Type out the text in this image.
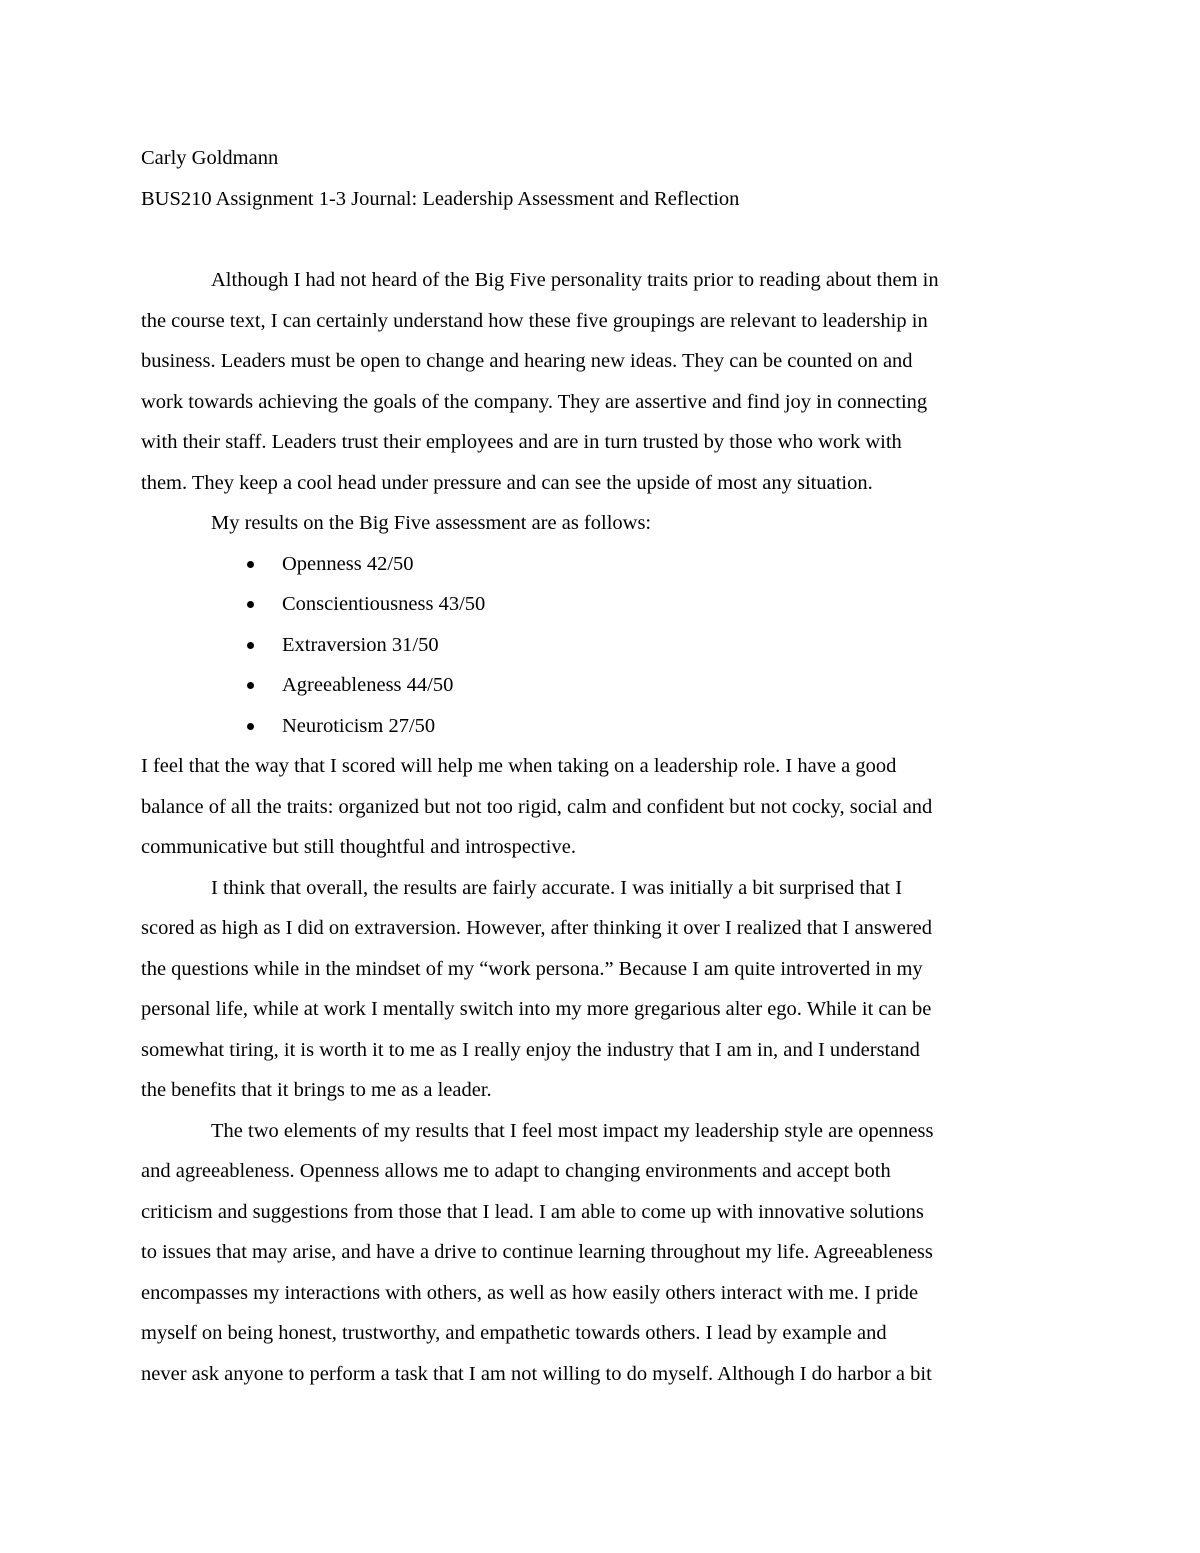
Carly Goldmann
BUS210 Assignment 1-3 Journal: Leadership Assessment and Reflection
Although I had not heard of the Big Five personality traits prior to reading about them in
the course text, I can certainly understand how these five groupings are relevant to leadership in
business. Leaders must be open to change and hearing new ideas. They can be counted on and
work towards achieving the goals of the company. They are assertive and find joy in connecting
with their staff. Leaders trust their employees and are in turn trusted by those who work with
them. They keep a cool head under pressure and can see the upside of most any situation.
My results on the Big Five assessment are as follows:
Openness 42/50
Conscientiousness 43/50
Extraversion 31/50
Agreeableness 44/50
Neuroticism 27/50
I feel that the way that I scored will help me when taking on a leadership role. I have a good
balance of all the traits: organized but not too rigid, calm and confident but not cocky, social and
communicative but still thoughtful and introspective.
I think that overall, the results are fairly accurate. I was initially a bit surprised that I
scored as high as I did on extraversion. However, after thinking it over I realized that I answered
the questions while in the mindset of my “work persona.” Because I am quite introverted in my
personal life, while at work I mentally switch into my more gregarious alter ego. While it can be
somewhat tiring, it is worth it to me as I really enjoy the industry that I am in, and I understand
the benefits that it brings to me as a leader.
The two elements of my results that I feel most impact my leadership style are openness
and agreeableness. Openness allows me to adapt to changing environments and accept both
criticism and suggestions from those that I lead. I am able to come up with innovative solutions
to issues that may arise, and have a drive to continue learning throughout my life. Agreeableness
encompasses my interactions with others, as well as how easily others interact with me. I pride
myself on being honest, trustworthy, and empathetic towards others. I lead by example and
never ask anyone to perform a task that I am not willing to do myself. Although I do harbor a bit
